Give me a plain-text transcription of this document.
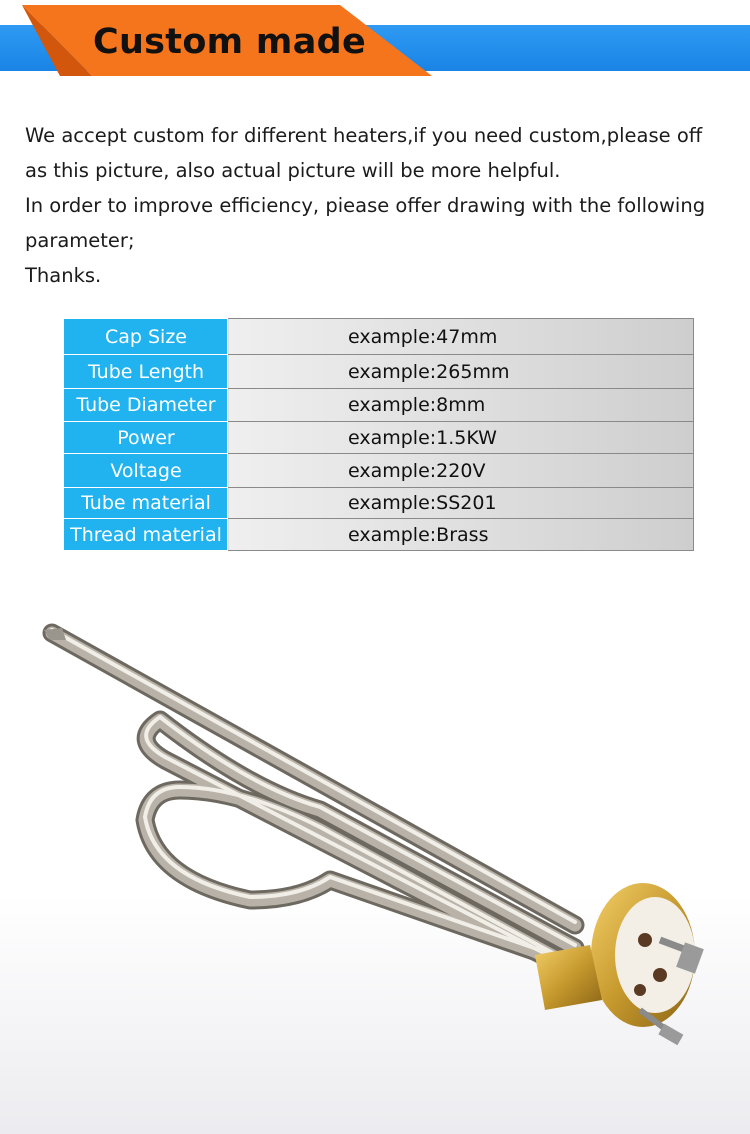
Custom made

We accept custom for different heaters,if you need custom,please off

as this picture, also actual picture will be more helpful.

In order to improve efficiency, piease offer drawing with the following

parameter;

Thanks.

Cap Size	example:47mm
Tube Length	example:265mm
Tube Diameter	example:8mm
Power	example:1.5KW
Voltage	example:220V
Tube material	example:SS201
Thread material	example:Brass
